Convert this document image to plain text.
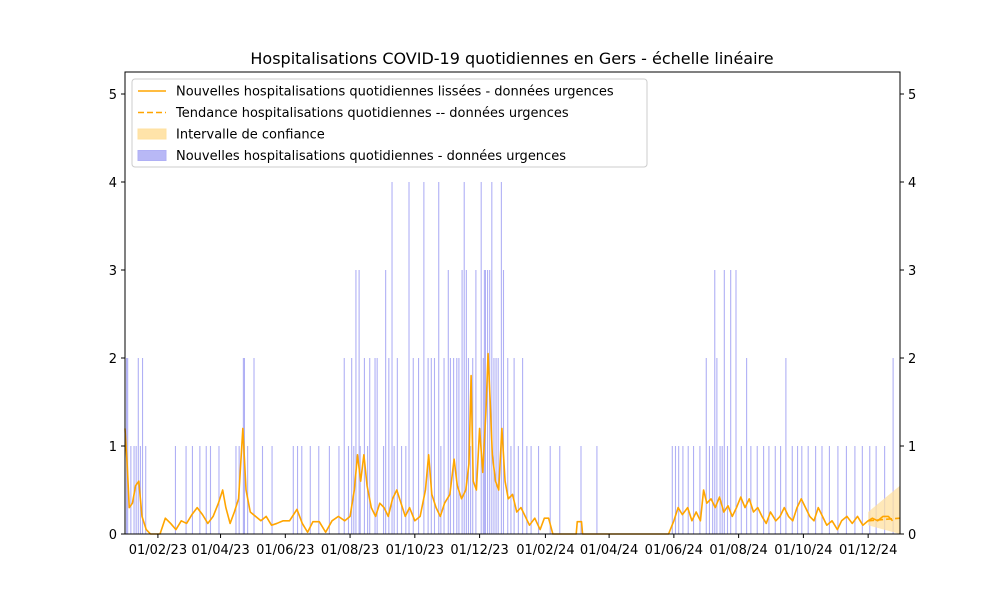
Hospitalisations COVID-19 quotidiennes en Gers - échelle linéaire
0	0
1	1
2	2
3	3
4	4
5	5
01/02/23 01/04/23 01/06/23 01/08/23 01/10/23 01/12/23 01/02/24 01/04/24 01/06/24 01/08/24 01/10/24 01/12/24
Nouvelles hospitalisations quotidiennes lissées - données urgences
Tendance hospitalisations quotidiennes -- données urgences
Intervalle de confiance
Nouvelles hospitalisations quotidiennes - données urgences
